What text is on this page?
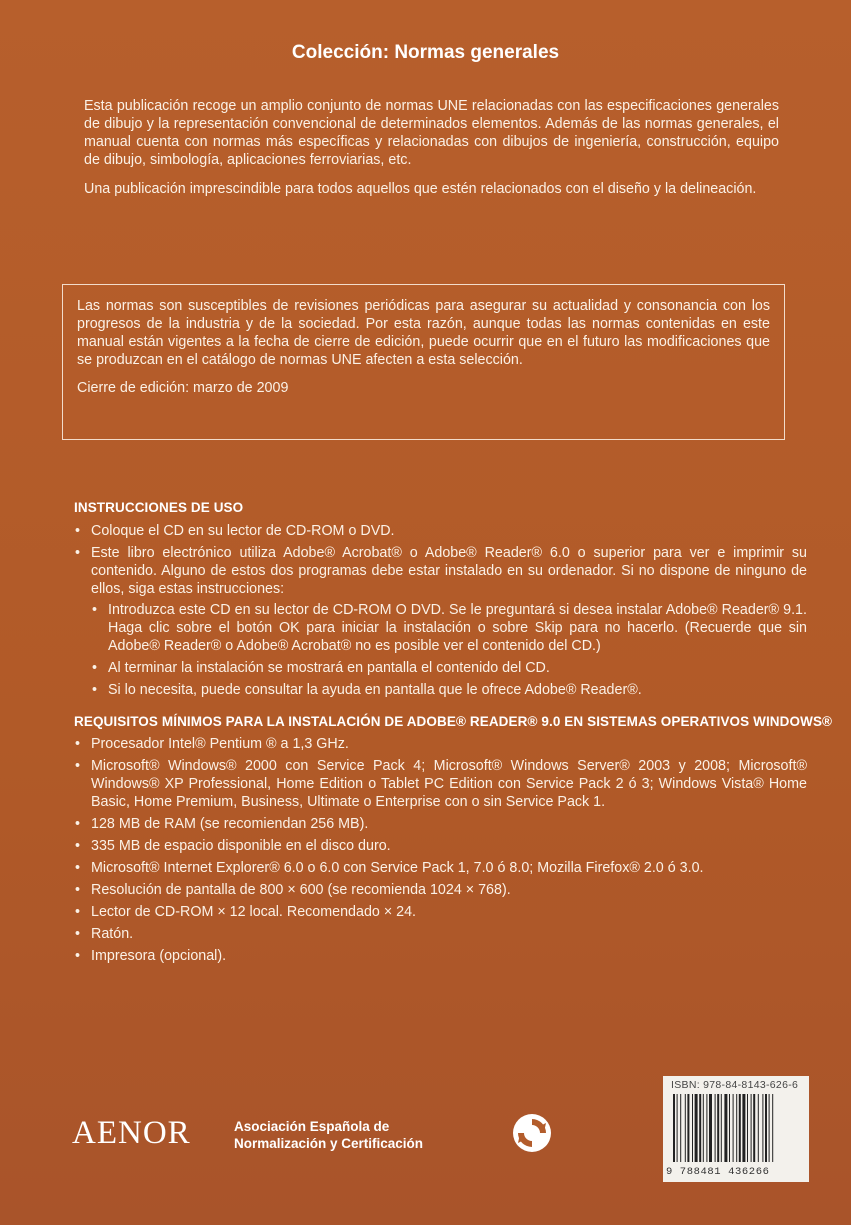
Colección: Normas generales

Esta publicación recoge un amplio conjunto de normas UNE relacionadas con las especificaciones generales de dibujo y la representación convencional de determinados elementos. Además de las normas generales, el manual cuenta con normas más específicas y relacionadas con dibujos de ingeniería, construcción, equipo de dibujo, simbología, aplicaciones ferroviarias, etc.

Una publicación imprescindible para todos aquellos que estén relacionados con el diseño y la delineación.

Las normas son susceptibles de revisiones periódicas para asegurar su actualidad y consonancia con los progresos de la industria y de la sociedad. Por esta razón, aunque todas las normas contenidas en este manual están vigentes a la fecha de cierre de edición, puede ocurrir que en el futuro las modificaciones que se produzcan en el catálogo de normas UNE afecten a esta selección.

Cierre de edición: marzo de 2009

INSTRUCCIONES DE USO
• Coloque el CD en su lector de CD-ROM o DVD.
• Este libro electrónico utiliza Adobe® Acrobat® o Adobe® Reader® 6.0 o superior para ver e imprimir su contenido. Alguno de estos dos programas debe estar instalado en su ordenador. Si no dispone de ninguno de ellos, siga estas instrucciones:
• Introduzca este CD en su lector de CD-ROM O DVD. Se le preguntará si desea instalar Adobe® Reader® 9.1. Haga clic sobre el botón OK para iniciar la instalación o sobre Skip para no hacerlo. (Recuerde que sin Adobe® Reader® o Adobe® Acrobat® no es posible ver el contenido del CD.)
• Al terminar la instalación se mostrará en pantalla el contenido del CD.
• Si lo necesita, puede consultar la ayuda en pantalla que le ofrece Adobe® Reader®.
REQUISITOS MÍNIMOS PARA LA INSTALACIÓN DE ADOBE® READER® 9.0 EN SISTEMAS OPERATIVOS WINDOWS®
• Procesador Intel® Pentium ® a 1,3 GHz.
• Microsoft® Windows® 2000 con Service Pack 4; Microsoft® Windows Server® 2003 y 2008; Microsoft® Windows® XP Professional, Home Edition o Tablet PC Edition con Service Pack 2 ó 3; Windows Vista® Home Basic, Home Premium, Business, Ultimate o Enterprise con o sin Service Pack 1.
• 128 MB de RAM (se recomiendan 256 MB).
• 335 MB de espacio disponible en el disco duro.
• Microsoft® Internet Explorer® 6.0 o 6.0 con Service Pack 1, 7.0 ó 8.0; Mozilla Firefox® 2.0 ó 3.0.
• Resolución de pantalla de 800 × 600 (se recomienda 1024 × 768).
• Lector de CD-ROM × 12 local. Recomendado × 24.
• Ratón.
• Impresora (opcional).
AENOR	Asociación Española de
Normalización y Certificación
ISBN: 978-84-8143-626-6
9 788481 436266
